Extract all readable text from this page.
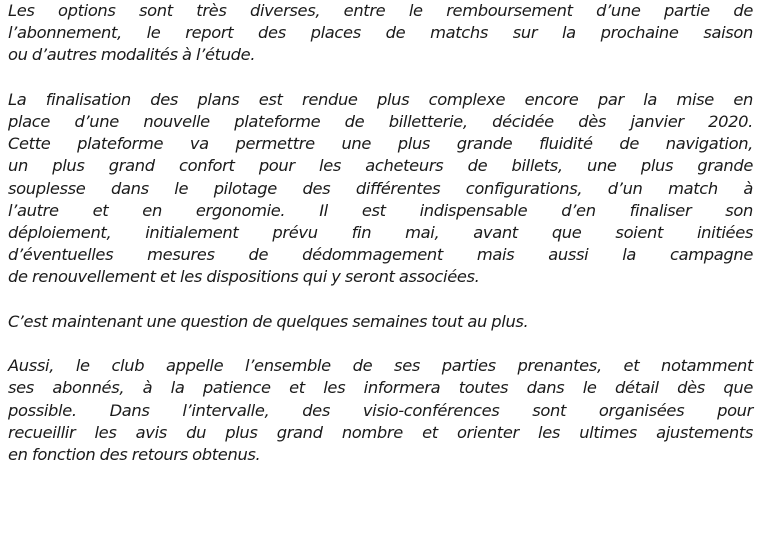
Les options sont très diverses, entre le remboursement d’une partie de
l’abonnement, le report des places de matchs sur la prochaine saison
ou d’autres modalités à l’étude.

La finalisation des plans est rendue plus complexe encore par la mise en
place d’une nouvelle plateforme de billetterie, décidée dès janvier 2020.
Cette plateforme va permettre une plus grande fluidité de navigation,
un plus grand confort pour les acheteurs de billets, une plus grande
souplesse dans le pilotage des différentes configurations, d’un match à
l’autre et en ergonomie. Il est indispensable d’en finaliser son
déploiement, initialement prévu fin mai, avant que soient initiées
d’éventuelles mesures de dédommagement mais aussi la campagne
de renouvellement et les dispositions qui y seront associées.

C’est maintenant une question de quelques semaines tout au plus.

Aussi, le club appelle l’ensemble de ses parties prenantes, et notamment
ses abonnés, à la patience et les informera toutes dans le détail dès que
possible. Dans l’intervalle, des visio-conférences sont organisées pour
recueillir les avis du plus grand nombre et orienter les ultimes ajustements
en fonction des retours obtenus.
